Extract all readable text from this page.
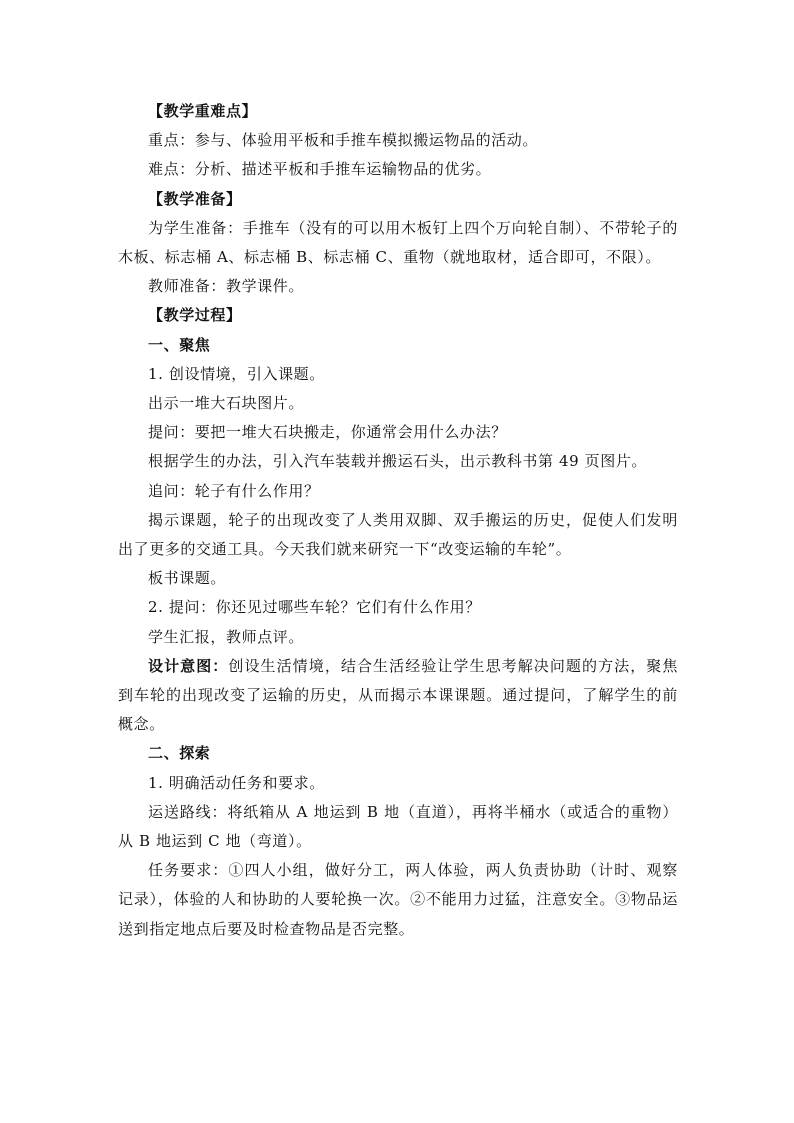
【教学重难点】

重点：参与、体验用平板和手推车模拟搬运物品的活动。

难点：分析、描述平板和手推车运输物品的优劣。

【教学准备】

为学生准备：手推车（没有的可以用木板钉上四个万向轮自制）、不带轮子的木板、标志桶 A、标志桶 B、标志桶 C、重物（就地取材，适合即可，不限）。

教师准备：教学课件。

【教学过程】

一、聚焦

1. 创设情境，引入课题。

出示一堆大石块图片。

提问：要把一堆大石块搬走，你通常会用什么办法？

根据学生的办法，引入汽车装载并搬运石头，出示教科书第 49 页图片。

追问：轮子有什么作用？

揭示课题，轮子的出现改变了人类用双脚、双手搬运的历史，促使人们发明出了更多的交通工具。今天我们就来研究一下“改变运输的车轮”。

板书课题。

2. 提问：你还见过哪些车轮？它们有什么作用？

学生汇报，教师点评。

设计意图：创设生活情境，结合生活经验让学生思考解决问题的方法，聚焦到车轮的出现改变了运输的历史，从而揭示本课课题。通过提问，了解学生的前概念。

二、探索

1. 明确活动任务和要求。

运送路线：将纸箱从 A 地运到 B 地（直道），再将半桶水（或适合的重物）从 B 地运到 C 地（弯道）。

任务要求：①四人小组，做好分工，两人体验，两人负责协助（计时、观察记录），体验的人和协助的人要轮换一次。②不能用力过猛，注意安全。③物品运送到指定地点后要及时检查物品是否完整。
